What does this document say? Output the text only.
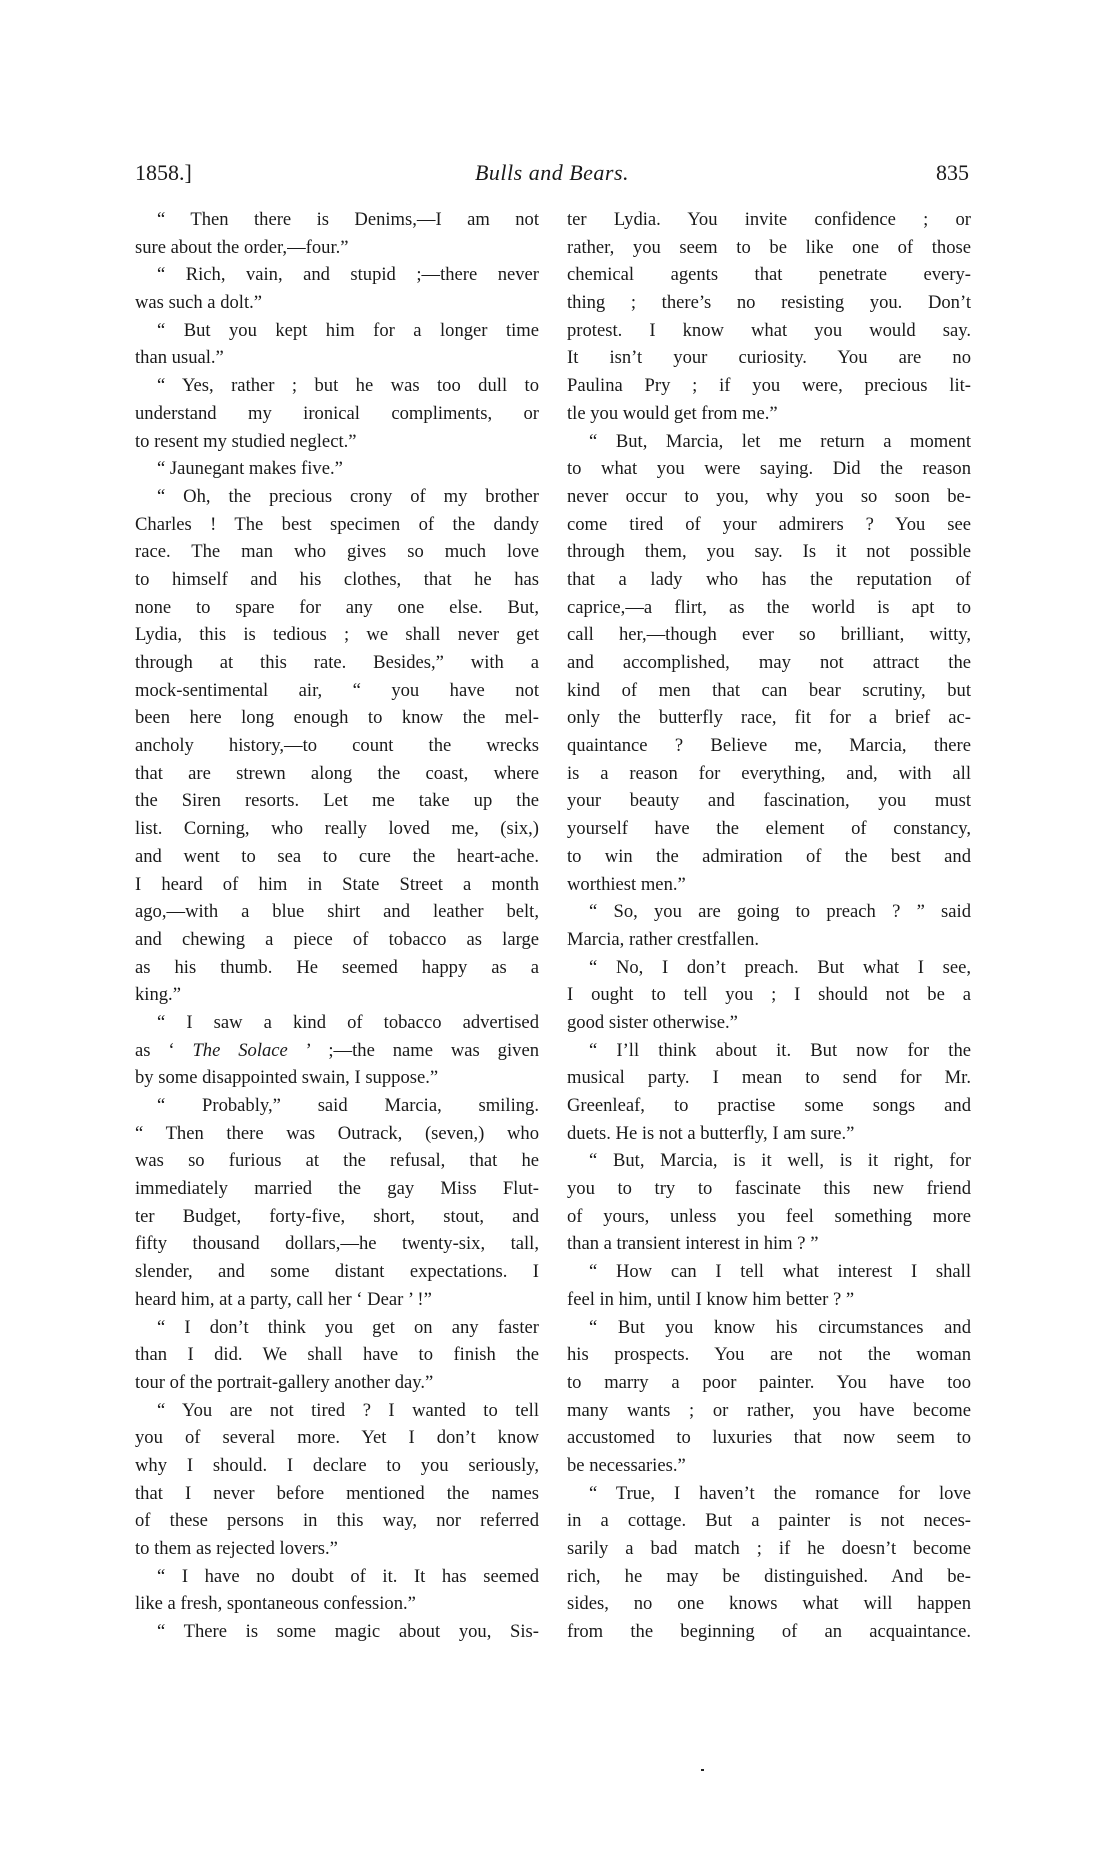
1858.]	Bulls and Bears.	835
“ Then there is Denims,—I am not
sure about the order,—four.”
“ Rich, vain, and stupid ;—there never
was such a dolt.”
“ But you kept him for a longer time
than usual.”
“ Yes, rather ; but he was too dull to
understand my ironical compliments, or
to resent my studied neglect.”
“ Jaunegant makes five.”
“ Oh, the precious crony of my brother
Charles ! The best specimen of the dandy
race. The man who gives so much love
to himself and his clothes, that he has
none to spare for any one else. But,
Lydia, this is tedious ; we shall never get
through at this rate. Besides,” with a
mock-sentimental air, “ you have not
been here long enough to know the mel-
ancholy history,—to count the wrecks
that are strewn along the coast, where
the Siren resorts. Let me take up the
list. Corning, who really loved me, (six,)
and went to sea to cure the heart-ache.
I heard of him in State Street a month
ago,—with a blue shirt and leather belt,
and chewing a piece of tobacco as large
as his thumb. He seemed happy as a
king.”
“ I saw a kind of tobacco advertised
as ‘ The Solace ’ ;—the name was given
by some disappointed swain, I suppose.”
“ Probably,” said Marcia, smiling.
“ Then there was Outrack, (seven,) who
was so furious at the refusal, that he
immediately married the gay Miss Flut-
ter Budget, forty-five, short, stout, and
fifty thousand dollars,—he twenty-six, tall,
slender, and some distant expectations. I
heard him, at a party, call her ‘ Dear ’ !”
“ I don’t think you get on any faster
than I did. We shall have to finish the
tour of the portrait-gallery another day.”
“ You are not tired ? I wanted to tell
you of several more. Yet I don’t know
why I should. I declare to you seriously,
that I never before mentioned the names
of these persons in this way, nor referred
to them as rejected lovers.”
“ I have no doubt of it. It has seemed
like a fresh, spontaneous confession.”
“ There is some magic about you, Sis-
ter Lydia. You invite confidence ; or
rather, you seem to be like one of those
chemical agents that penetrate every-
thing ; there’s no resisting you. Don’t
protest. I know what you would say.
It isn’t your curiosity. You are no
Paulina Pry ; if you were, precious lit-
tle you would get from me.”
“ But, Marcia, let me return a moment
to what you were saying. Did the reason
never occur to you, why you so soon be-
come tired of your admirers ? You see
through them, you say. Is it not possible
that a lady who has the reputation of
caprice,—a flirt, as the world is apt to
call her,—though ever so brilliant, witty,
and accomplished, may not attract the
kind of men that can bear scrutiny, but
only the butterfly race, fit for a brief ac-
quaintance ? Believe me, Marcia, there
is a reason for everything, and, with all
your beauty and fascination, you must
yourself have the element of constancy,
to win the admiration of the best and
worthiest men.”
“ So, you are going to preach ? ” said
Marcia, rather crestfallen.
“ No, I don’t preach. But what I see,
I ought to tell you ; I should not be a
good sister otherwise.”
“ I’ll think about it. But now for the
musical party. I mean to send for Mr.
Greenleaf, to practise some songs and
duets. He is not a butterfly, I am sure.”
“ But, Marcia, is it well, is it right, for
you to try to fascinate this new friend
of yours, unless you feel something more
than a transient interest in him ? ”
“ How can I tell what interest I shall
feel in him, until I know him better ? ”
“ But you know his circumstances and
his prospects. You are not the woman
to marry a poor painter. You have too
many wants ; or rather, you have become
accustomed to luxuries that now seem to
be necessaries.”
“ True, I haven’t the romance for love
in a cottage. But a painter is not neces-
sarily a bad match ; if he doesn’t become
rich, he may be distinguished. And be-
sides, no one knows what will happen
from the beginning of an acquaintance.
